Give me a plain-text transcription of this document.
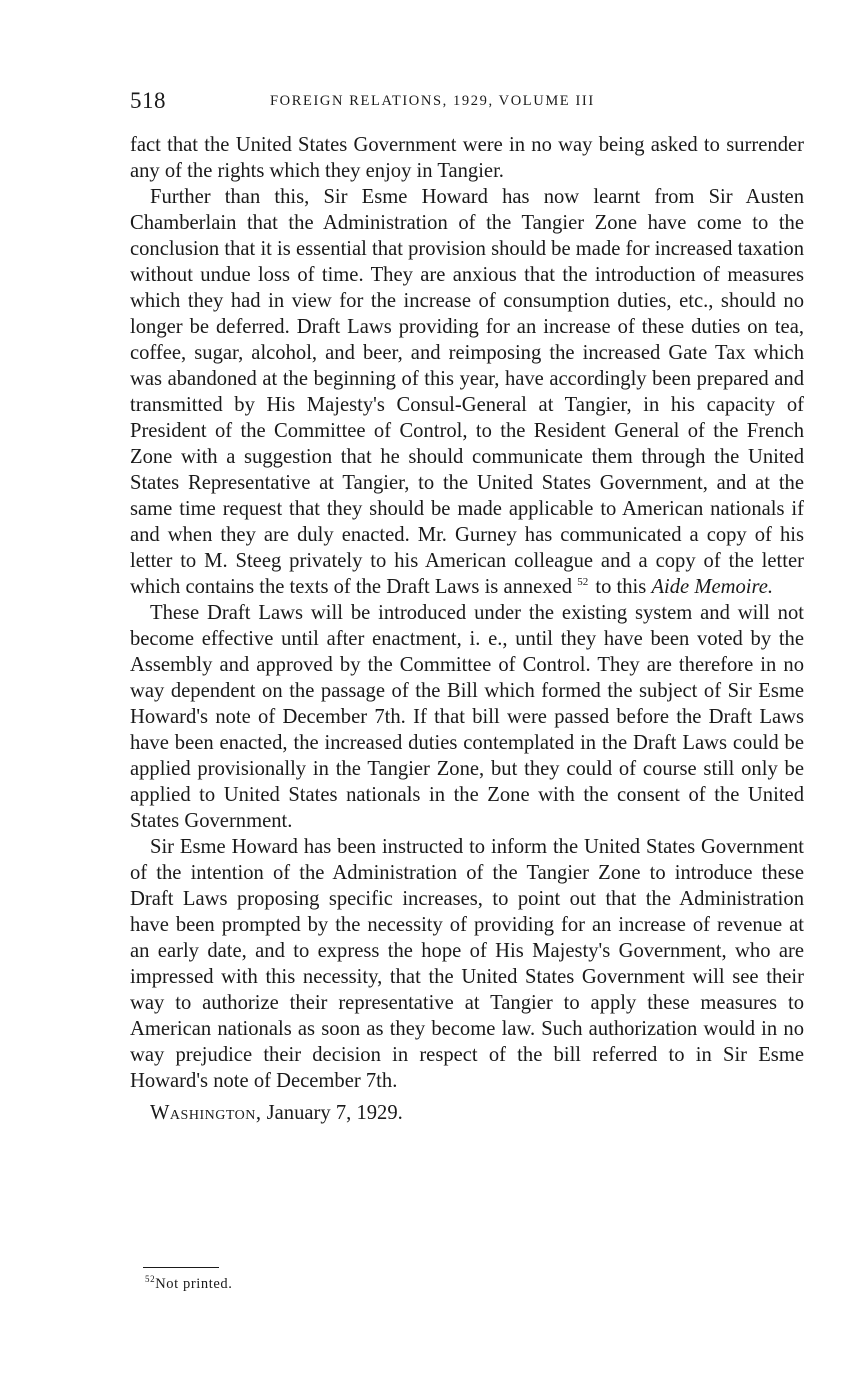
518	FOREIGN RELATIONS, 1929, VOLUME III

fact that the United States Government were in no way being asked to surrender any of the rights which they enjoy in Tangier.

Further than this, Sir Esme Howard has now learnt from Sir Austen Chamberlain that the Administration of the Tangier Zone have come to the conclusion that it is essential that provision should be made for increased taxation without undue loss of time. They are anxious that the introduction of measures which they had in view for the increase of consumption duties, etc., should no longer be deferred. Draft Laws providing for an increase of these duties on tea, coffee, sugar, alcohol, and beer, and reimposing the increased Gate Tax which was abandoned at the beginning of this year, have accordingly been prepared and transmitted by His Majesty's Consul-General at Tangier, in his capacity of President of the Committee of Control, to the Resident General of the French Zone with a suggestion that he should communicate them through the United States Representative at Tangier, to the United States Government, and at the same time request that they should be made applicable to American nationals if and when they are duly enacted. Mr. Gurney has communicated a copy of his letter to M. Steeg privately to his American colleague and a copy of the letter which contains the texts of the Draft Laws is annexed $^{52}$ to this Aide Memoire.

These Draft Laws will be introduced under the existing system and will not become effective until after enactment, i. e., until they have been voted by the Assembly and approved by the Committee of Control. They are therefore in no way dependent on the passage of the Bill which formed the subject of Sir Esme Howard's note of December 7th. If that bill were passed before the Draft Laws have been enacted, the increased duties contemplated in the Draft Laws could be applied provisionally in the Tangier Zone, but they could of course still only be applied to United States nationals in the Zone with the consent of the United States Government.

Sir Esme Howard has been instructed to inform the United States Government of the intention of the Administration of the Tangier Zone to introduce these Draft Laws proposing specific increases, to point out that the Administration have been prompted by the necessity of providing for an increase of revenue at an early date, and to express the hope of His Majesty's Government, who are impressed with this necessity, that the United States Government will see their way to authorize their representative at Tangier to apply these measures to American nationals as soon as they become law. Such authorization would in no way prejudice their decision in respect of the bill referred to in Sir Esme Howard's note of December 7th.

Washington, January 7, 1929.

$^{52}$Not printed.
